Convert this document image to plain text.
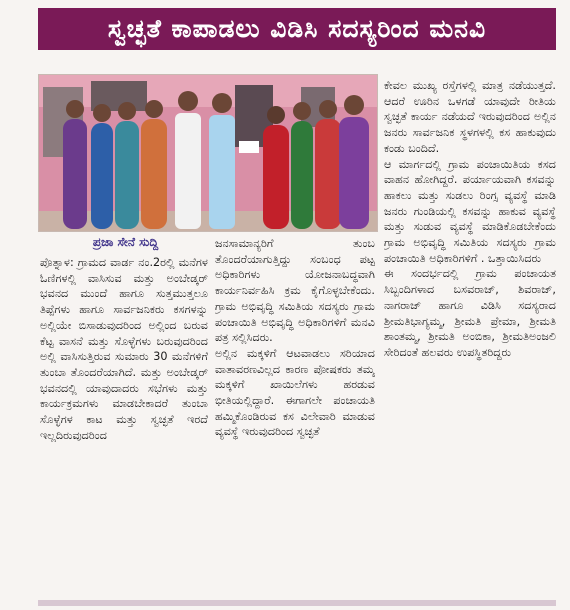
ಸ್ವಚ್ಛತೆ ಕಾಪಾಡಲು ವಿಡಿಸಿ ಸದಸ್ಯರಿಂದ ಮನವಿ
ಪ್ರಜಾ ಸೇನೆ ಸುದ್ದಿ
ಪೊತ್ನಾಳ: ಗ್ರಾಮದ ವಾರ್ಡ ನಂ.2ರಲ್ಲಿ ಮನೆಗಳ ಓಣಿಗಳಲ್ಲಿ ವಾಸಿಸುವ ಮತ್ತು ಅಂಬೇಡ್ಕರ್ ಭವನದ ಮುಂದೆ ಹಾಗೂ ಸುತ್ತಮುತ್ತಲೂ ತಿಪ್ಪೆಗಳು ಹಾಗೂ ಸಾರ್ವಜನಿಕರು ಕಸಗಳನ್ನು ಅಲ್ಲಿಯೇ ಬಿಸಾಡುವುದರಿಂದ ಅಲ್ಲಿಂದ ಬರುವ ಕೆಟ್ಟ ವಾಸನೆ ಮತ್ತು ಸೊಳ್ಳೆಗಳು ಬರುವುದರಿಂದ ಅಲ್ಲಿ ವಾಸಿಸುತ್ತಿರುವ ಸುಮಾರು 30 ಮನೆಗಳಿಗೆ ತುಂಬಾ ತೊಂದರೆಯಾಗಿದೆ. ಮತ್ತು ಅಂಬೇಡ್ಕರ್ ಭವನದಲ್ಲಿ ಯಾವುದಾದರು ಸಭೆಗಳು ಮತ್ತು ಕಾರ್ಯಕ್ರಮಗಳು ಮಾಡಬೇಕಾದರೆ ತುಂಬಾ ಸೊಳ್ಳೆಗಳ ಕಾಟ ಮತ್ತು ಸ್ವಚ್ಛತೆ ಇರದೆ ಇಲ್ಲದಿರುವುದರಿಂದ
ಜನಸಾಮಾನ್ಯರಿಗೆ ತುಂಬ ತೊಂದರೆಯಾಗುತ್ತಿದ್ದು ಸಂಬಂಧ ಪಟ್ಟ ಅಧಿಕಾರಿಗಳು ಯೋಜನಾಬದ್ಧವಾಗಿ ಕಾರ್ಯನಿರ್ವಹಿಸಿ ಕ್ರಮ ಕೈಗೊಳ್ಳಬೇಕೆಂದು. ಗ್ರಾಮ ಅಭಿವೃದ್ಧಿ ಸಮಿತಿಯ ಸದಸ್ಯರು ಗ್ರಾಮ ಪಂಚಾಯಿತಿ ಅಭಿವೃದ್ಧಿ ಅಧಿಕಾರಿಗಳಿಗೆ ಮನವಿ ಪತ್ರ ಸಲ್ಲಿಸಿದರು.
ಅಲ್ಲಿನ ಮಕ್ಕಳಿಗೆ ಆಟವಾಡಲು ಸರಿಯಾದ ವಾತಾವರಣವಿಲ್ಲದ ಕಾರಣ ಪೋಷಕರು ತಮ್ಮ ಮಕ್ಕಳಿಗೆ ಖಾಯಿಲೆಗಳು ಹರಡುವ ಭೀತಿಯಲ್ಲಿದ್ದಾರೆ. ಈಗಾಗಲೇ ಪಂಚಾಯತಿ ಹಮ್ಮಿಕೊಂಡಿರುವ ಕಸ ವಿಲೇವಾರಿ ಮಾಡುವ ವ್ಯವಸ್ಥೆ ಇರುವುದರಿಂದ ಸ್ವಚ್ಛತೆ
ಕೇವಲ ಮುಖ್ಯ ರಸ್ತೆಗಳಲ್ಲಿ ಮಾತ್ರ ನಡೆಯುತ್ತದೆ. ಆದರೆ ಊರಿನ ಒಳಗಡೆ ಯಾವುದೇ ರೀತಿಯ ಸ್ವಚ್ಛತೆ ಕಾರ್ಯ ನಡೆಯದೆ ಇರುವುದರಿಂದ ಅಲ್ಲಿನ ಜನರು ಸಾರ್ವಜನಿಕ ಸ್ಥಳಗಳಲ್ಲಿ ಕಸ ಹಾಕುವುದು ಕಂಡು ಬಂದಿದೆ.
ಆ ಮಾರ್ಗದಲ್ಲಿ ಗ್ರಾಮ ಪಂಚಾಯಿತಿಯ ಕಸದ ವಾಹನ ಹೋಗಿದ್ದರೆ. ಪರ್ಯಾಯವಾಗಿ ಕಸವನ್ನು ಹಾಕಲು ಮತ್ತು ಸುಡಲು ರಿಂಗ್ಸ ವ್ಯವಸ್ಥೆ ಮಾಡಿ ಜನರು ಗುಂಡಿಯಲ್ಲಿ ಕಸವನ್ನು ಹಾಕುವ ವ್ಯವಸ್ಥೆ ಮತ್ತು ಸುಡುವ ವ್ಯವಸ್ಥೆ ಮಾಡಿಕೊಡಬೇಕೆಂದು ಗ್ರಾಮ ಅಭಿವೃದ್ಧಿ ಸಮಿತಿಯ ಸದಸ್ಯರು ಗ್ರಾಮ ಪಂಚಾಯಿತಿ ಅಧಿಕಾರಿಗಳಿಗೆ . ಒತ್ತಾಯಿಸಿದರು
ಈ ಸಂದರ್ಭದಲ್ಲಿ ಗ್ರಾಮ ಪಂಚಾಯತ ಸಿಬ್ಬಂದಿಗಳಾದ ಬಸವರಾಜ್, ಶಿವರಾಜ್, ನಾಗರಾಜ್ ಹಾಗೂ ವಿಡಿಸಿ ಸದಸ್ಯರಾದ ಶ್ರೀಮತಿಭಾಗ್ಯಮ್ಮ, ಶ್ರೀಮತಿ ಪ್ರೇಮಾ, ಶ್ರೀಮತಿ ಶಾಂತಮ್ಮ, ಶ್ರೀಮತಿ ಅಂಬಿಕಾ, ಶ್ರೀಮತಿಅಂಜಲಿ ಸೇರಿದಂತೆ ಹಲವರು ಉಪಸ್ಥಿತರಿದ್ದರು
